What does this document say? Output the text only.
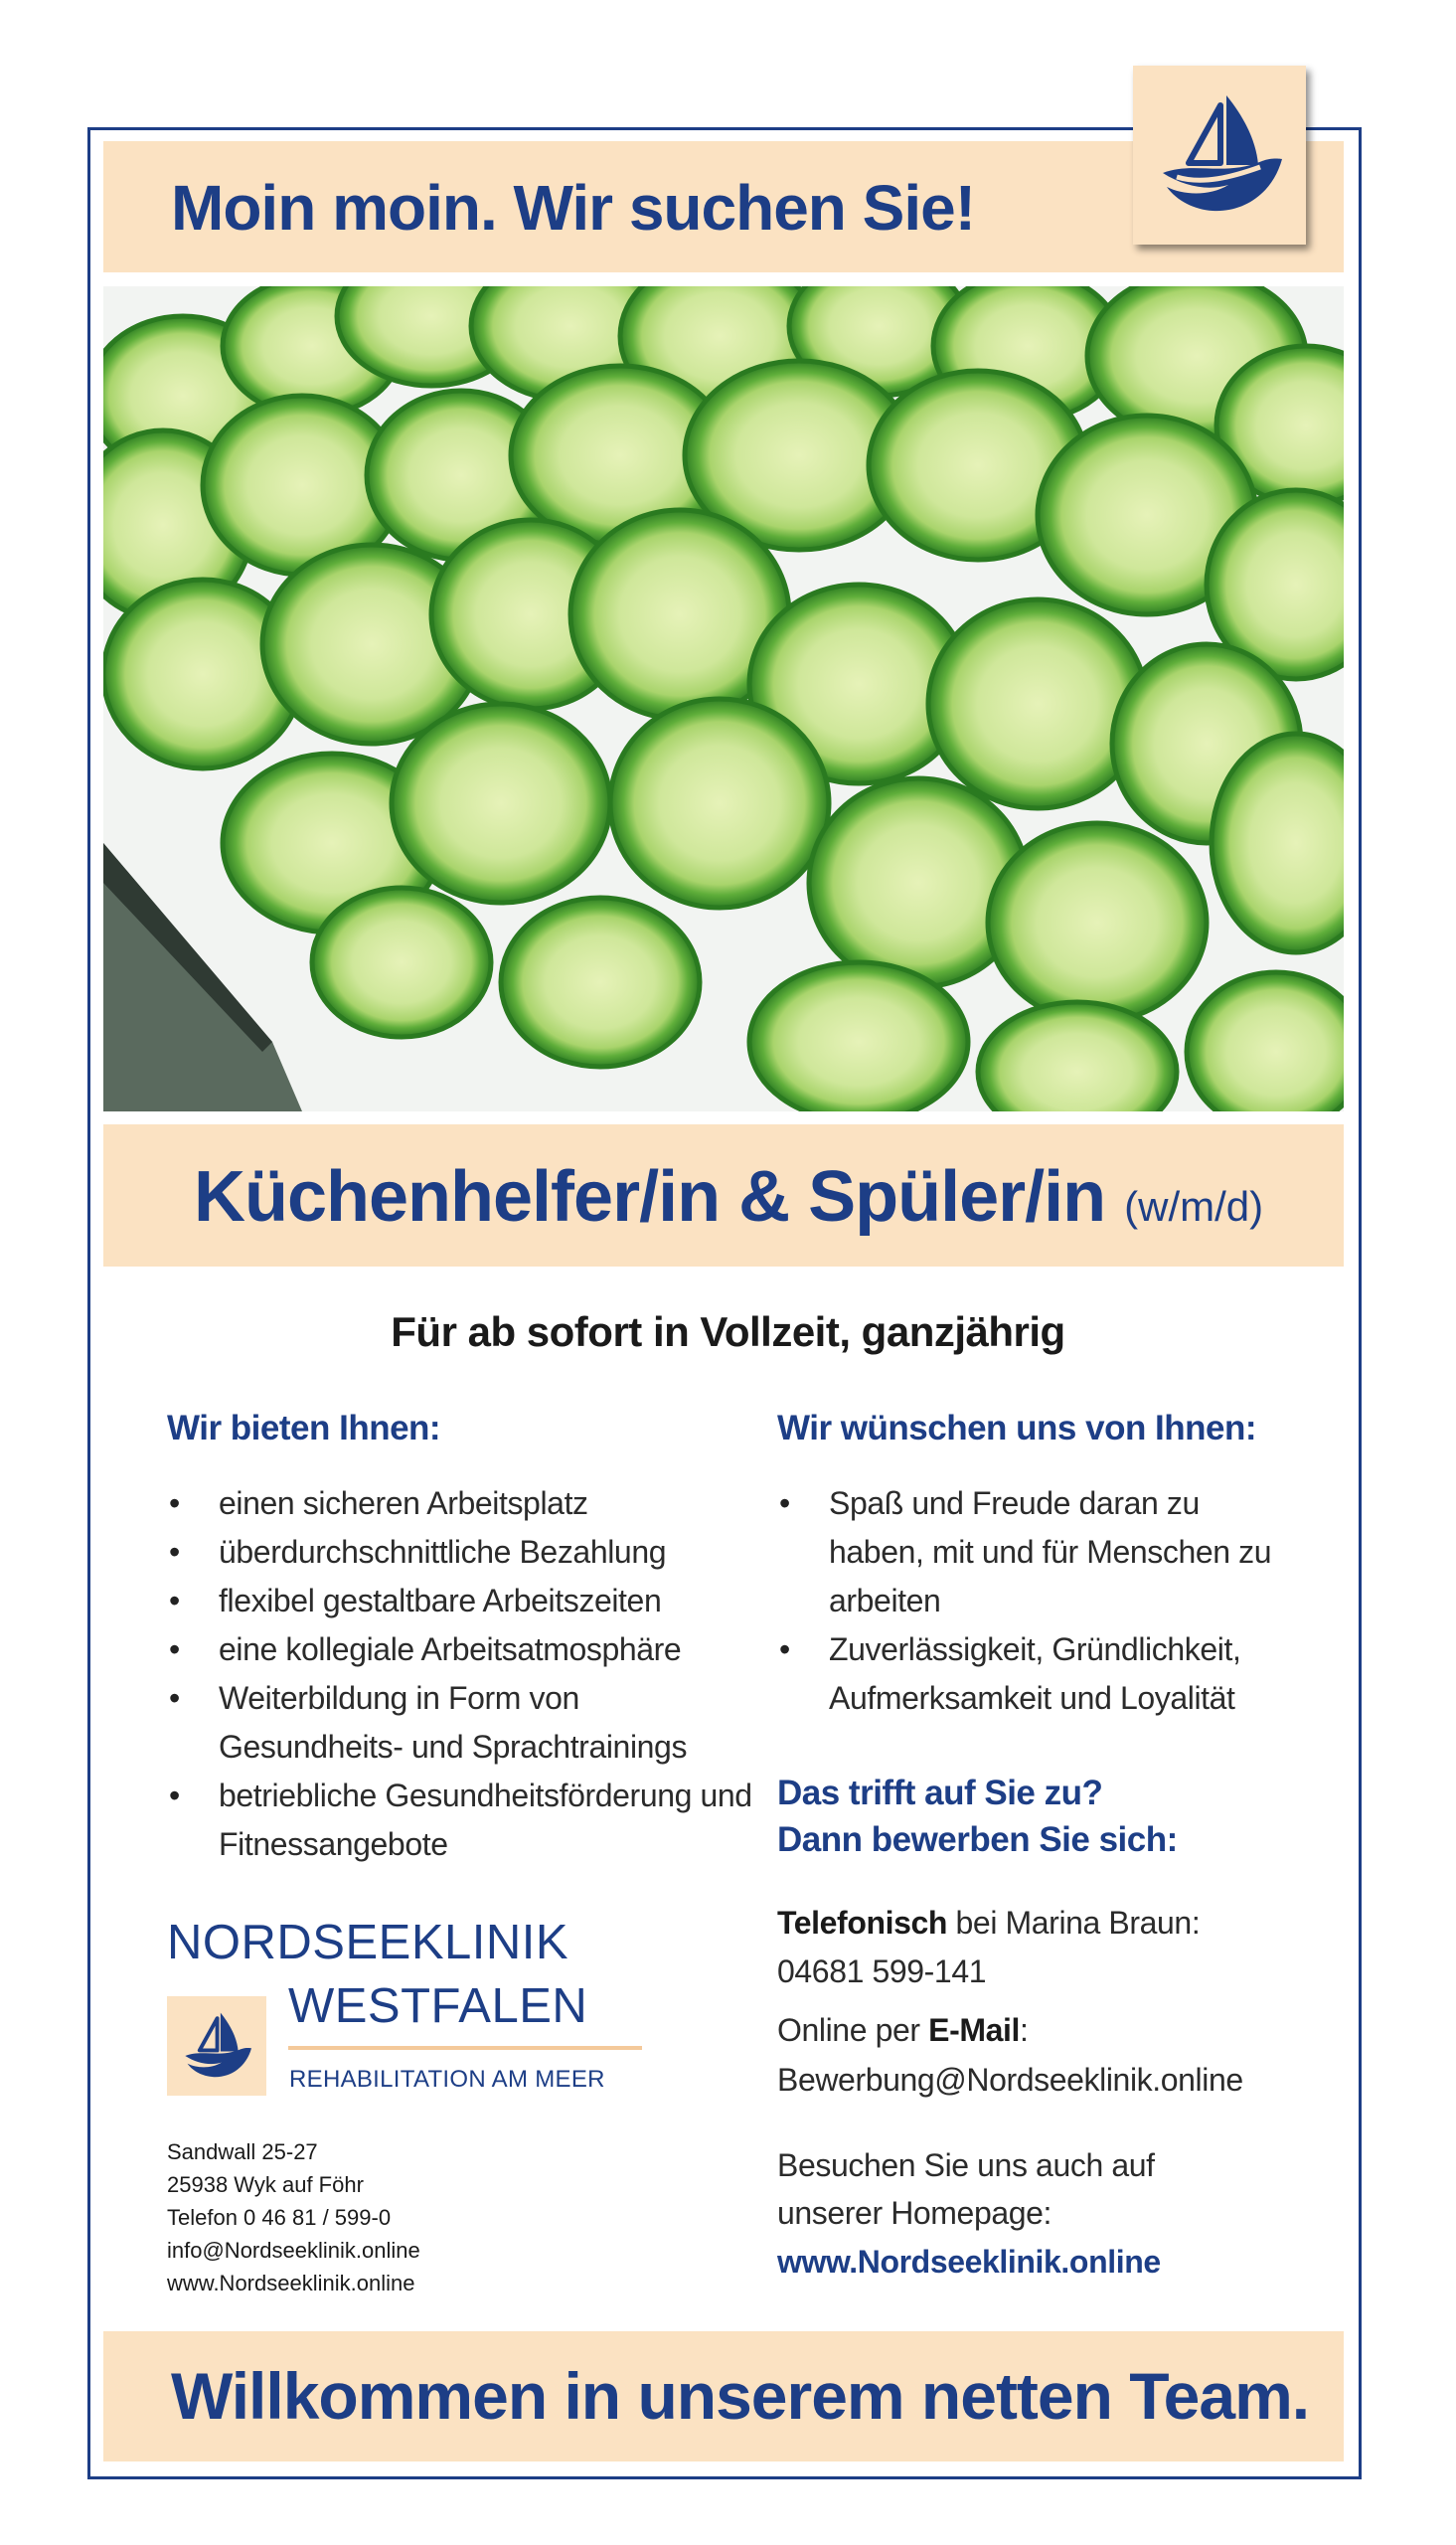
Moin moin. Wir suchen Sie!
Küchenhelfer/in & Spüler/in (w/m/d)
Für ab sofort in Vollzeit, ganzjährig
Wir bieten Ihnen:
• einen sicheren Arbeitsplatz
• überdurchschnittliche Bezahlung
• flexibel gestaltbare Arbeitszeiten
• eine kollegiale Arbeitsatmosphäre
• Weiterbildung in Form von Gesundheits- und Sprachtrainings
• betriebliche Gesundheitsförderung und Fitnessangebote
Wir wünschen uns von Ihnen:
• Spaß und Freude daran zu haben, mit und für Menschen zu arbeiten
• Zuverlässigkeit, Gründlichkeit, Aufmerksamkeit und Loyalität
Das trifft auf Sie zu?
Dann bewerben Sie sich:
Telefonisch bei Marina Braun:
04681 599-141
Online per E-Mail:
Bewerbung@Nordseeklinik.online
Besuchen Sie uns auch auf
unserer Homepage:
www.Nordseeklinik.online
NORDSEEKLINIK
WESTFALEN
REHABILITATION AM MEER
Sandwall 25-27
25938 Wyk auf Föhr
Telefon 0 46 81 / 599-0
info@Nordseeklinik.online
www.Nordseeklinik.online
Willkommen in unserem netten Team.
